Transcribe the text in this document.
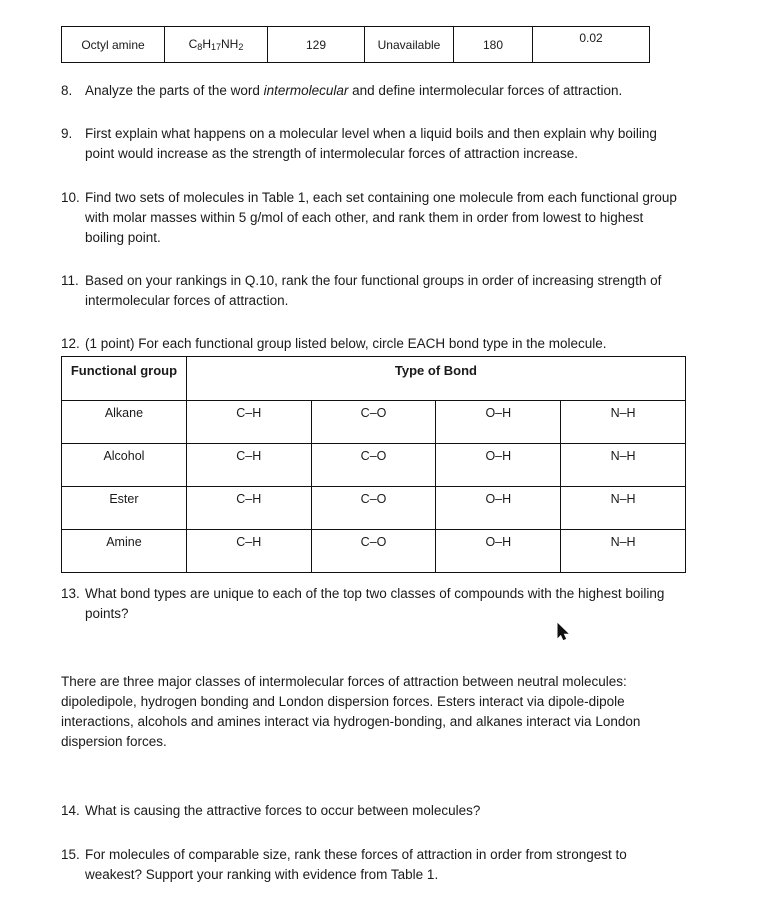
Octyl amine	$C_8H_{17}NH_2$	129	Unavailable	180	0.02
8. Analyze the parts of the word intermolecular and define intermolecular forces of attraction.
9. First explain what happens on a molecular level when a liquid boils and then explain why boiling point would increase as the strength of intermolecular forces of attraction increase.
10. Find two sets of molecules in Table 1, each set containing one molecule from each functional group with molar masses within 5 g/mol of each other, and rank them in order from lowest to highest boiling point.
11. Based on your rankings in Q.10, rank the four functional groups in order of increasing strength of intermolecular forces of attraction.
12. (1 point) For each functional group listed below, circle EACH bond type in the molecule.
Functional group	Type of Bond			
Alkane	C–H	C–O	O–H	N–H
Alcohol	C–H	C–O	O–H	N–H
Ester	C–H	C–O	O–H	N–H
Amine	C–H	C–O	O–H	N–H
13. What bond types are unique to each of the top two classes of compounds with the highest boiling points?
There are three major classes of intermolecular forces of attraction between neutral molecules: dipoledipole, hydrogen bonding and London dispersion forces. Esters interact via dipole-dipole interactions, alcohols and amines interact via hydrogen-bonding, and alkanes interact via London dispersion forces.
14. What is causing the attractive forces to occur between molecules?
15. For molecules of comparable size, rank these forces of attraction in order from strongest to weakest? Support your ranking with evidence from Table 1.
